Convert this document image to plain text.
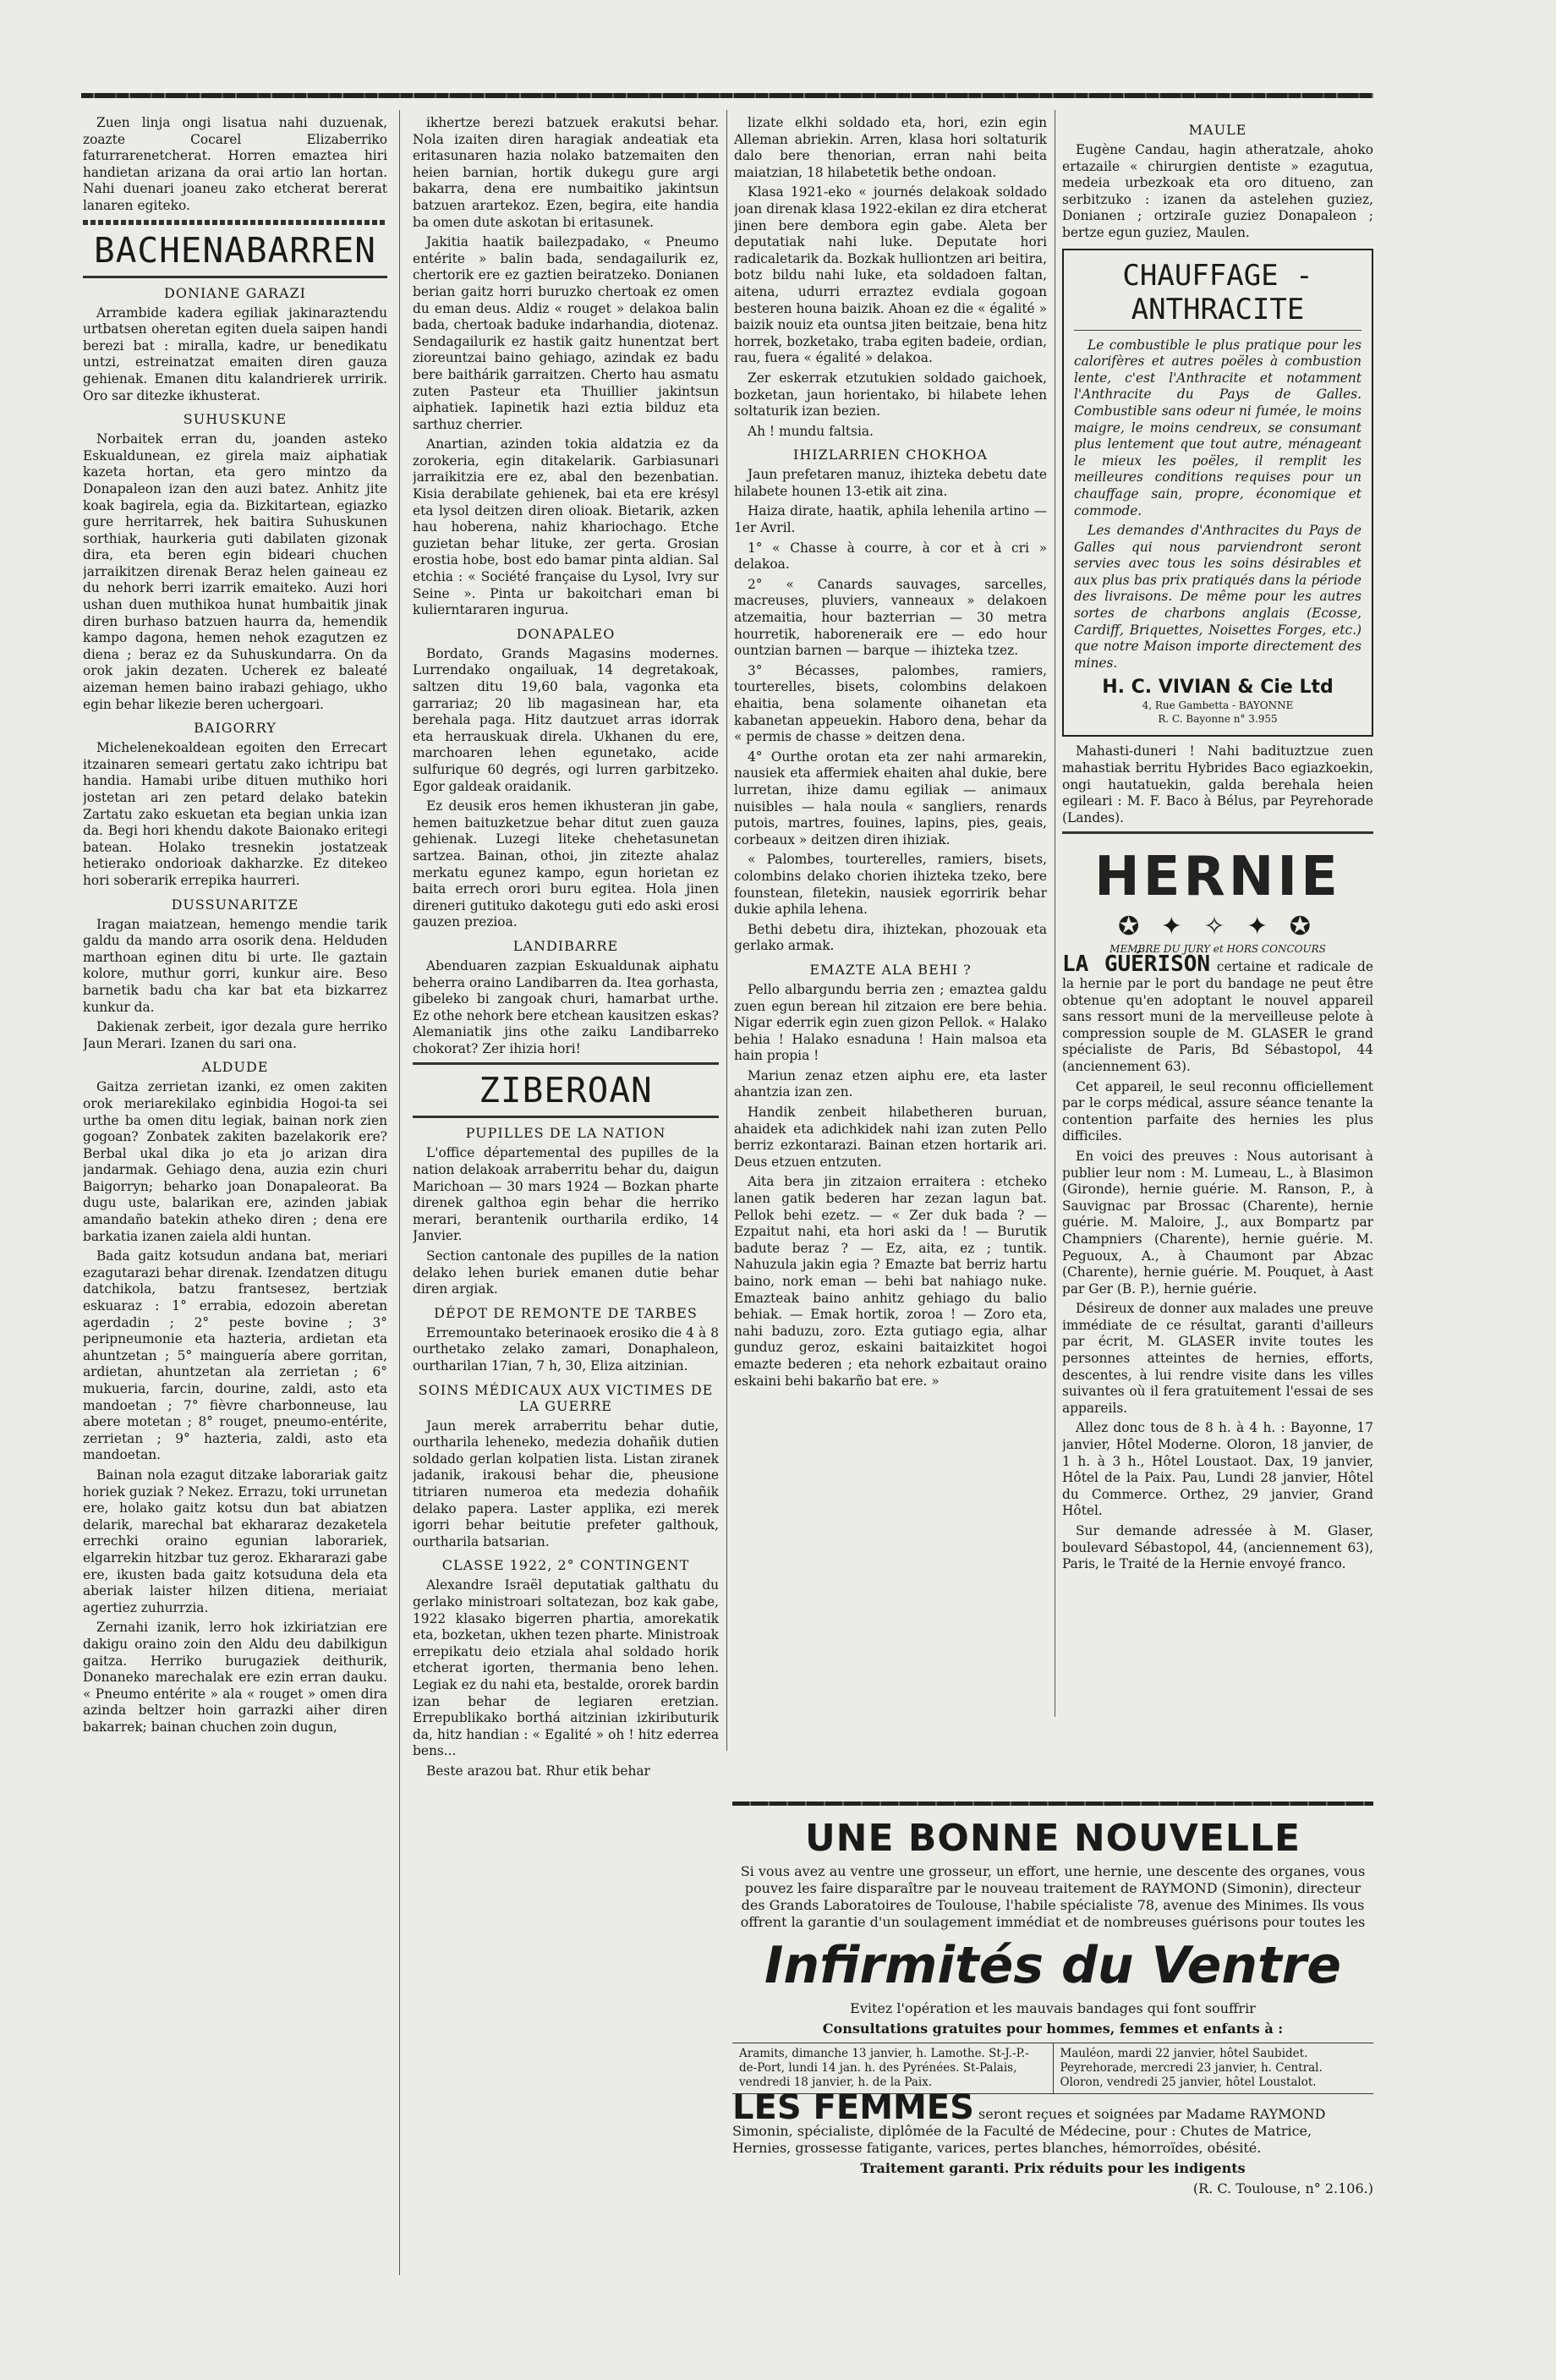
Zuen linja ongi lisatua nahi duzuenak, zoazte Cocarel Elizaberriko faturrarenetcherat. Horren emaztea hiri handietan arizana da orai artio lan hortan. Nahi duenari joaneu zako etcherat bererat lanaren egiteko.

BACHENABARREN
DONIANE GARAZI

Arrambide kadera egiliak jakinaraztendu urtbatsen oheretan egiten duela saipen handi berezi bat : miralla, kadre, ur benedikatu untzi, estreinatzat emaiten diren gauza gehienak. Emanen ditu kalandrierek urririk. Oro sar ditezke ikhusterat.

SUHUSKUNE

Norbaitek erran du, joanden asteko Eskualdunean, ez girela maiz aiphatiak kazeta hortan, eta gero mintzo da Donapaleon izan den auzi batez. Anhitz jite koak bagirela, egia da. Bizkitartean, egiazko gure herritarrek, hek baitira Suhuskunen sorthiak, haurkeria guti dabilaten gizonak dira, eta beren egin bideari chuchen jarraikitzen direnak Beraz helen gaineau ez du nehork berri izarrik emaiteko. Auzi hori ushan duen muthikoa hunat humbaitik jinak diren burhaso batzuen haurra da, hemendik kampo dagona, hemen nehok ezagutzen ez diena ; beraz ez da Suhuskundarra. On da orok jakin dezaten. Ucherek ez baleaté aizeman hemen baino irabazi gehiago, ukho egin behar likezie beren uchergoari.

BAIGORRY

Michelenekoaldean egoiten den Errecart itzainaren semeari gertatu zako ichtripu bat handia. Hamabi uribe dituen muthiko hori jostetan ari zen petard delako batekin Zartatu zako eskuetan eta begian unkia izan da. Begi hori khendu dakote Baionako eritegi batean. Holako tresnekin jostatzeak hetierako ondorioak dakharzke. Ez ditekeo hori soberarik errepika haurreri.

DUSSUNARITZE

Iragan maiatzean, hemengo mendie tarik galdu da mando arra osorik dena. Helduden marthoan eginen ditu bi urte. Ile gaztain kolore, muthur gorri, kunkur aire. Beso barnetik badu cha kar bat eta bizkarrez kunkur da.

Dakienak zerbeit, igor dezala gure herriko Jaun Merari. Izanen du sari ona.

ALDUDE

Gaitza zerrietan izanki, ez omen zakiten orok meriarekilako eginbidia Hogoi-ta sei urthe ba omen ditu legiak, bainan nork zien gogoan? Zonbatek zakiten bazelakorik ere? Berbal ukal dika jo eta jo arizan dira jandarmak. Gehiago dena, auzia ezin churi Baigorryn; beharko joan Donapaleorat. Ba dugu uste, balarikan ere, azinden jabiak amandaño batekin atheko diren ; dena ere barkatia izanen zaiela aldi huntan.

Bada gaitz kotsudun andana bat, meriari ezagutarazi behar direnak. Izendatzen ditugu datchikola, batzu frantsesez, bertziak eskuaraz : 1° errabia, edozoin aberetan agerdadin ; 2° peste bovine ; 3° peripneumonie eta hazteria, ardietan eta ahuntzetan ; 5° mainguería abere gorritan, ardietan, ahuntzetan ala zerrietan ; 6° mukueria, farcin, dourine, zaldi, asto eta mandoetan ; 7° fièvre charbonneuse, lau abere motetan ; 8° rouget, pneumo-entérite, zerrietan ; 9° hazteria, zaldi, asto eta mandoetan.

Bainan nola ezagut ditzake laborariak gaitz horiek guziak ? Nekez. Errazu, toki urrunetan ere, holako gaitz kotsu dun bat abiatzen delarik, marechal bat ekhararaz dezaketela errechki oraino egunian laborariek, elgarrekin hitzbar tuz geroz. Ekhararazi gabe ere, ikusten bada gaitz kotsuduna dela eta aberiak laister hilzen ditiena, meriaiat agertiez zuhurrzia.

Zernahi izanik, lerro hok izkiriatzian ere dakigu oraino zoin den Aldu deu dabilkigun gaitza. Herriko burugaziek deithurik, Donaneko marechalak ere ezin erran dauku. « Pneumo entérite » ala « rouget » omen dira azinda beltzer hoin garrazki aiher diren bakarrek; bainan chuchen zoin dugun,

ikhertze berezi batzuek erakutsi behar. Nola izaiten diren haragiak andeatiak eta eritasunaren hazia nolako batzemaiten den heien barnian, hortik dukegu gure argi bakarra, dena ere numbaitiko jakintsun batzuen arartekoz. Ezen, begira, eite handia ba omen dute askotan bi eritasunek.

Jakitia haatik bailezpadako, « Pneumo entérite » balin bada, sendagailurik ez, chertorik ere ez gaztien beiratzeko. Donianen berian gaitz horri buruzko chertoak ez omen du eman deus. Aldiz « rouget » delakoa balin bada, chertoak baduke indarhandia, diotenaz. Sendagailurik ez hastik gaitz hunentzat bert zioreuntzai baino gehiago, azindak ez badu bere baithárik garraitzen. Cherto hau asmatu zuten Pasteur eta Thuillier jakintsun aiphatiek. Iapinetik hazi eztia bilduz eta sarthuz cherrier.

Anartian, azinden tokia aldatzia ez da zorokeria, egin ditakelarik. Garbiasunari jarraikitzia ere ez, abal den bezenbatian. Kisia derabilate gehienek, bai eta ere krésyl eta lysol deitzen diren olioak. Bietarik, azken hau hoberena, nahiz khariochago. Etche guzietan behar lituke, zer gerta. Grosian erostia hobe, bost edo bamar pinta aldian. Sal etchia : « Société française du Lysol, Ivry sur Seine ». Pinta ur bakoitchari eman bi kulierntararen ingurua.

DONAPALEO

Bordato, Grands Magasins modernes. Lurrendako ongailuak, 14 degretakoak, saltzen ditu 19,60 bala, vagonka eta garrariaz; 20 lib magasinean har, eta berehala paga. Hitz dautzuet arras idorrak eta herrauskuak direla. Ukhanen du ere, marchoaren lehen egunetako, acide sulfurique 60 degrés, ogi lurren garbitzeko. Egor galdeak oraidanik.

Ez deusik eros hemen ikhusteran jin gabe, hemen baituzketzue behar ditut zuen gauza gehienak. Luzegi liteke chehetasunetan sartzea. Bainan, othoi, jin zitezte ahalaz merkatu egunez kampo, egun horietan ez baita errech orori buru egitea. Hola jinen direneri gutituko dakotegu guti edo aski erosi gauzen prezioa.

LANDIBARRE

Abenduaren zazpian Eskualdunak aiphatu beherra oraino Landibarren da. Itea gorhasta, gibeleko bi zangoak churi, hamarbat urthe. Ez othe nehork bere etchean kausitzen eskas? Alemaniatik jins othe zaiku Landibarreko chokorat? Zer ihizia hori!

ZIBEROAN
PUPILLES DE LA NATION

L'office départemental des pupilles de la nation delakoak arraberritu behar du, daigun Marichoan — 30 mars 1924 — Bozkan pharte direnek galthoa egin behar die herriko merari, berantenik ourtharila erdiko, 14 Janvier.

Section cantonale des pupilles de la nation delako lehen buriek emanen dutie behar diren argiak.

DÉPOT DE REMONTE DE TARBES

Erremountako beterinaoek erosiko die 4 à 8 ourthetako zelako zamari, Donaphaleon, ourtharilan 17ian, 7 h, 30, Eliza aitzinian.

SOINS MÉDICAUX AUX VICTIMES DE LA GUERRE

Jaun merek arraberritu behar dutie, ourtharila leheneko, medezia dohañik dutien soldado gerlan kolpatien lista. Listan ziranek jadanik, irakousi behar die, pheusione titriaren numeroa eta medezia dohañik delako papera. Laster applika, ezi merek igorri behar beitutie prefeter galthouk, ourtharila batsarian.

CLASSE 1922, 2° CONTINGENT

Alexandre Israël deputatiak galthatu du gerlako ministroari soltatezan, boz kak gabe, 1922 klasako bigerren phartia, amorekatik eta, bozketan, ukhen tezen pharte. Ministroak errepikatu deio etziala ahal soldado horik etcherat igorten, thermania beno lehen. Legiak ez du nahi eta, bestalde, ororek bardin izan behar de legiaren eretzian. Errepublikako borthá aitzinian izkiributurik da, hitz handian : « Egalité » oh ! hitz ederrea bens...

Beste arazou bat. Rhur etik behar

lizate elkhi soldado eta, hori, ezin egin Alleman abriekin. Arren, klasa hori soltaturik dalo bere thenorian, erran nahi beita maiatzian, 18 hilabetetik bethe ondoan.

Klasa 1921-eko « journés delakoak soldado joan direnak klasa 1922-ekilan ez dira etcherat jinen bere dembora egin gabe. Aleta ber deputatiak nahi luke. Deputate hori radicaletarik da. Bozkak hulliontzen ari beitira, botz bildu nahi luke, eta soldadoen faltan, aitena, udurri erraztez evdiala gogoan besteren houna baizik. Ahoan ez die « égalité » baizik nouiz eta ountsa jiten beitzaie, bena hitz horrek, bozketako, traba egiten badeie, ordian, rau, fuera « égalité » delakoa.

Zer eskerrak etzutukien soldado gaichoek, bozketan, jaun horientako, bi hilabete lehen soltaturik izan bezien.

Ah ! mundu faltsia.

IHIZLARRIEN CHOKHOA

Jaun prefetaren manuz, ihizteka debetu date hilabete hounen 13-etik ait zina.

Haiza dirate, haatik, aphila lehenila artino — 1er Avril.

1° « Chasse à courre, à cor et à cri » delakoa.

2° « Canards sauvages, sarcelles, macreuses, pluviers, vanneaux » delakoen atzemaitia, hour bazterrian — 30 metra hourretik, haboreneraik ere — edo hour ountzian barnen — barque — ihizteka tzez.

3° Bécasses, palombes, ramiers, tourterelles, bisets, colombins delakoen ehaitia, bena solamente oihanetan eta kabanetan appeuekin. Haboro dena, behar da « permis de chasse » deitzen dena.

4° Ourthe orotan eta zer nahi armarekin, nausiek eta affermiek ehaiten ahal dukie, bere lurretan, ihize damu egiliak — animaux nuisibles — hala noula « sangliers, renards putois, martres, fouines, lapins, pies, geais, corbeaux » deitzen diren ihiziak.

« Palombes, tourterelles, ramiers, bisets, colombins delako chorien ihizteka tzeko, bere founstean, filetekin, nausiek egorririk behar dukie aphila lehena.

Bethi debetu dira, ihiztekan, phozouak eta gerlako armak.

EMAZTE ALA BEHI ?

Pello albargundu berria zen ; emaztea galdu zuen egun berean hil zitzaion ere bere behia. Nigar ederrik egin zuen gizon Pellok. « Halako behia ! Halako esnaduna ! Hain malsoa eta hain propia !

Mariun zenaz etzen aiphu ere, eta laster ahantzia izan zen.

Handik zenbeit hilabetheren buruan, ahaidek eta adichkidek nahi izan zuten Pello berriz ezkontarazi. Bainan etzen hortarik ari. Deus etzuen entzuten.

Aita bera jin zitzaion erraitera : etcheko lanen gatik bederen har zezan lagun bat. Pellok behi ezetz. — « Zer duk bada ? — Ezpaitut nahi, eta hori aski da ! — Burutik badute beraz ? — Ez, aita, ez ; tuntik. Nahuzula jakin egia ? Emazte bat berriz hartu baino, nork eman — behi bat nahiago nuke. Emazteak baino anhitz gehiago du balio behiak. — Emak hortik, zoroa ! — Zoro eta, nahi baduzu, zoro. Ezta gutiago egia, alhar gunduz geroz, eskaini baitaizkitet hogoi emazte bederen ; eta nehork ezbaitaut oraino eskaini behi bakarño bat ere. »

MAULE

Eugène Candau, hagin atheratzale, ahoko ertazaile « chirurgien dentiste » ezagutua, medeia urbezkoak eta oro ditueno, zan serbitzuko : izanen da astelehen guziez, Donianen ; ortziraIe guziez Donapaleon ; bertze egun guziez, Maulen.

CHAUFFAGE - ANTHRACITE

Le combustible le plus pratique pour les calorifères et autres poëles à combustion lente, c'est l'Anthracite et notamment l'Anthracite du Pays de Galles. Combustible sans odeur ni fumée, le moins maigre, le moins cendreux, se consumant plus lentement que tout autre, ménageant le mieux les poëles, il remplit les meilleures conditions requises pour un chauffage sain, propre, économique et commode.

Les demandes d'Anthracites du Pays de Galles qui nous parviendront seront servies avec tous les soins désirables et aux plus bas prix pratiqués dans la période des livraisons. De même pour les autres sortes de charbons anglais (Ecosse, Cardiff, Briquettes, Noisettes Forges, etc.) que notre Maison importe directement des mines.

H. C. VIVIAN & Cie Ltd
4, Rue Gambetta - BAYONNE
R. C. Bayonne n° 3.955

Mahasti-duneri ! Nahi badituztzue zuen mahastiak berritu Hybrides Baco egiazkoekin, ongi hautatuekin, galda berehala heien egileari : M. F. Baco à Bélus, par Peyrehorade (Landes).

HERNIE
✪ ✦ ✧ ✦ ✪
MEMBRE DU JURY et HORS CONCOURS

LA GUÉRISON certaine et radicale de la hernie par le port du bandage ne peut être obtenue qu'en adoptant le nouvel appareil sans ressort muni de la merveilleuse pelote à compression souple de M. GLASER le grand spécialiste de Paris, Bd Sébastopol, 44 (anciennement 63).

Cet appareil, le seul reconnu officiellement par le corps médical, assure séance tenante la contention parfaite des hernies les plus difficiles.

En voici des preuves : Nous autorisant à publier leur nom : M. Lumeau, L., à Blasimon (Gironde), hernie guérie. M. Ranson, P., à Sauvignac par Brossac (Charente), hernie guérie. M. Maloire, J., aux Bompartz par Champniers (Charente), hernie guérie. M. Peguoux, A., à Chaumont par Abzac (Charente), hernie guérie. M. Pouquet, à Aast par Ger (B. P.), hernie guérie.

Désireux de donner aux malades une preuve immédiate de ce résultat, garanti d'ailleurs par écrit, M. GLASER invite toutes les personnes atteintes de hernies, efforts, descentes, à lui rendre visite dans les villes suivantes où il fera gratuitement l'essai de ses appareils.

Allez donc tous de 8 h. à 4 h. : Bayonne, 17 janvier, Hôtel Moderne. Oloron, 18 janvier, de 1 h. à 3 h., Hôtel Loustaot. Dax, 19 janvier, Hôtel de la Paix. Pau, Lundi 28 janvier, Hôtel du Commerce. Orthez, 29 janvier, Grand Hôtel.

Sur demande adressée à M. Glaser, boulevard Sébastopol, 44, (anciennement 63), Paris, le Traité de la Hernie envoyé franco.

UNE BONNE NOUVELLE

Si vous avez au ventre une grosseur, un effort, une hernie, une descente des organes, vous pouvez les faire disparaître par le nouveau traitement de RAYMOND (Simonin), directeur des Grands Laboratoires de Toulouse, l'habile spécialiste 78, avenue des Minimes. Ils vous offrent la garantie d'un soulagement immédiat et de nombreuses guérisons pour toutes les

Infirmités du Ventre

Evitez l'opération et les mauvais bandages qui font souffrir

Consultations gratuites pour hommes, femmes et enfants à :

Aramits, dimanche 13 janvier, h. Lamothe. St-J.-P.-de-Port, lundi 14 jan. h. des Pyrénées. St-Palais, vendredi 18 janvier, h. de la Paix.
Mauléon, mardi 22 janvier, hôtel Saubidet. Peyrehorade, mercredi 23 janvier, h. Central. Oloron, vendredi 25 janvier, hôtel Loustalot.

LES FEMMES seront reçues et soignées par Madame RAYMOND Simonin, spécialiste, diplômée de la Faculté de Médecine, pour : Chutes de Matrice, Hernies, grossesse fatigante, varices, pertes blanches, hémorroïdes, obésité.

Traitement garanti. Prix réduits pour les indigents

(R. C. Toulouse, n° 2.106.)
